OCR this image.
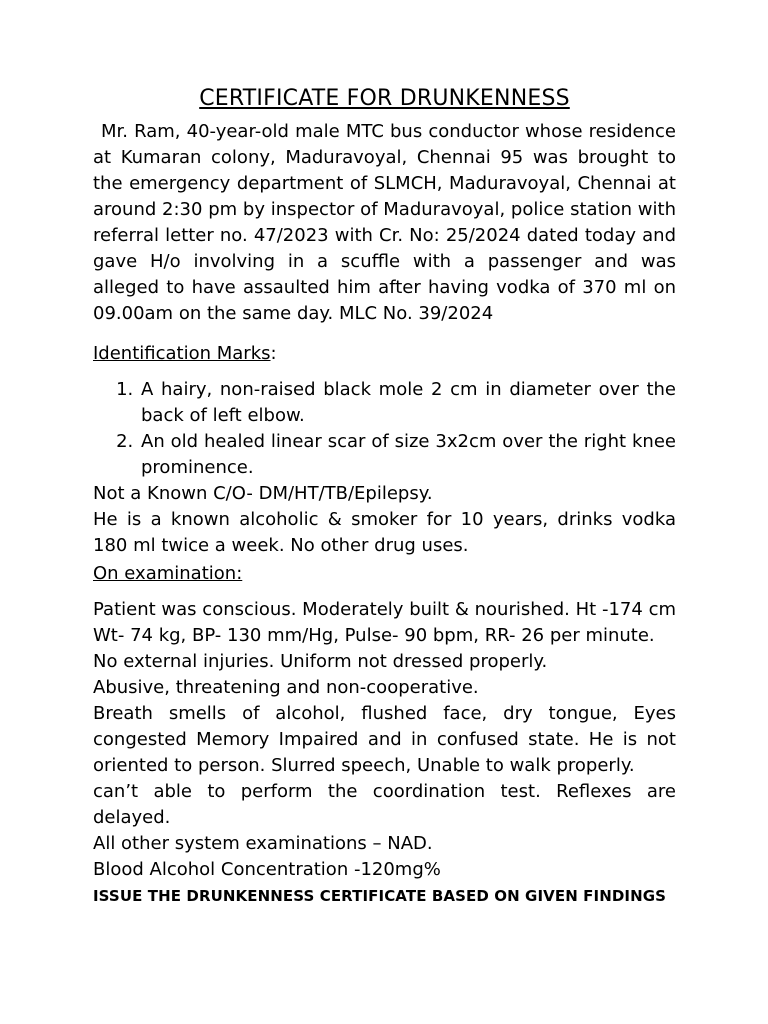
CERTIFICATE FOR DRUNKENNESS

Mr. Ram, 40-year-old male MTC bus conductor whose residence at Kumaran colony, Maduravoyal, Chennai 95 was brought to the emergency department of SLMCH, Maduravoyal, Chennai at around 2:30 pm by inspector of Maduravoyal, police station with referral letter no. 47/2023 with Cr. No: 25/2024 dated today and gave H/o involving in a scuffle with a passenger and was alleged to have assaulted him after having vodka of 370 ml on 09.00am on the same day. MLC No. 39/2024

Identification Marks:

1. A hairy, non-raised black mole 2 cm in diameter over the back of left elbow.
2. An old healed linear scar of size 3x2cm over the right knee prominence.

Not a Known C/O- DM/HT/TB/Epilepsy.

He is a known alcoholic & smoker for 10 years, drinks vodka 180 ml twice a week. No other drug uses.

On examination:

Patient was conscious. Moderately built & nourished. Ht -174 cm Wt- 74 kg, BP- 130 mm/Hg, Pulse- 90 bpm, RR- 26 per minute.

No external injuries. Uniform not dressed properly.

Abusive, threatening and non-cooperative.

Breath smells of alcohol, flushed face, dry tongue, Eyes congested Memory Impaired and in confused state. He is not oriented to person. Slurred speech, Unable to walk properly.

can’t able to perform the coordination test. Reflexes are delayed.

All other system examinations – NAD.

Blood Alcohol Concentration -120mg%

ISSUE THE DRUNKENNESS CERTIFICATE BASED ON GIVEN FINDINGS
